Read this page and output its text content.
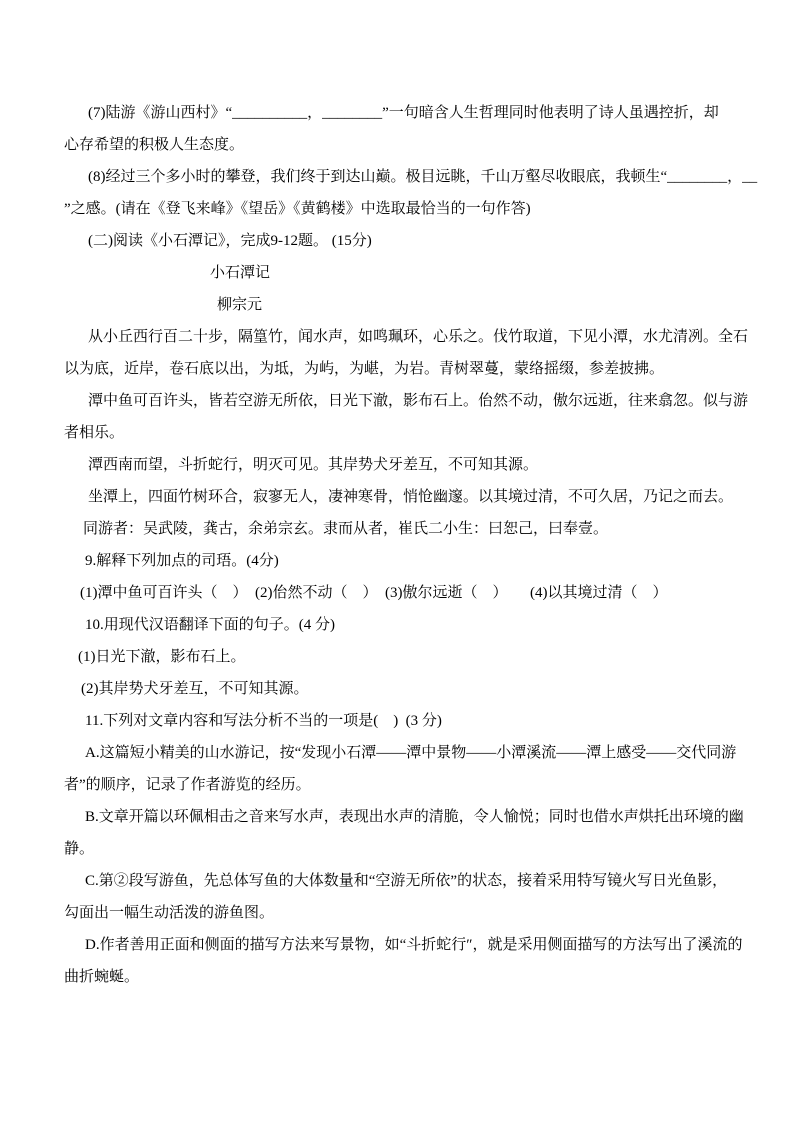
(7)陆游《游山西村》“__________，________”一句暗含人生哲理同时他表明了诗人虽遇控折，却
心存希望的积极人生态度。
(8)经过三个多小时的攀登，我们终于到达山巅。极目远眺，千山万壑尽收眼底，我顿生“________，__
”之感。(请在《登飞来峰》《望岳》《黄鹤楼》中选取最恰当的一句作答)
(二)阅读《小石潭记》，完成9-12题。 (15分)
小石潭记
柳宗元
从小丘西行百二十步，隔篁竹，闻水声，如鸣珮环，心乐之。伐竹取道，下见小潭，水尤清冽。全石
以为底，近岸，卷石底以出，为坻，为屿，为嵁，为岩。青树翠蔓，蒙络摇缀，参差披拂。
潭中鱼可百许头，皆若空游无所依，日光下澈，影布石上。佁然不动，傲尔远逝，往来翕忽。似与游
者相乐。
潭西南而望，斗折蛇行，明灭可见。其岸势犬牙差互，不可知其源。
坐潭上，四面竹树环合，寂寥无人，凄神寒骨，悄怆幽邃。以其境过清，不可久居，乃记之而去。
同游者：吴武陵，龚古，余弟宗玄。隶而从者，崔氏二小生：曰恕己，曰奉壹。
9.解释下列加点的司珸。(4分)
(1)潭中鱼可百许头（　）　(2)佁然不动（　）　(3)傲尔远逝（　）　　(4)以其境过清（　）
10.用现代汉语翻译下面的句子。(4 分)
(1)日光下澈，影布石上。
(2)其岸势犬牙差互，不可知其源。
11.下列对文章内容和写法分析不当的一项是(　)  (3 分)
A.这篇短小精美的山水游记，按“发现小石潭——潭中景物——小潭溪流——潭上感受——交代同游
者”的顺序，记录了作者游览的经历。
B.文章开篇以环佩相击之音来写水声，表现出水声的清脆，令人愉悦；同时也借水声烘托出环境的幽
静。
C.第②段写游鱼，先总体写鱼的大体数量和“空游无所依”的状态，接着采用特写镜火写日光鱼影，
勾面出一幅生动活泼的游鱼图。
D.作者善用正面和侧面的描写方法来写景物，如“斗折蛇行″，就是采用侧面描写的方法写出了溪流的
曲折蜿蜒。
